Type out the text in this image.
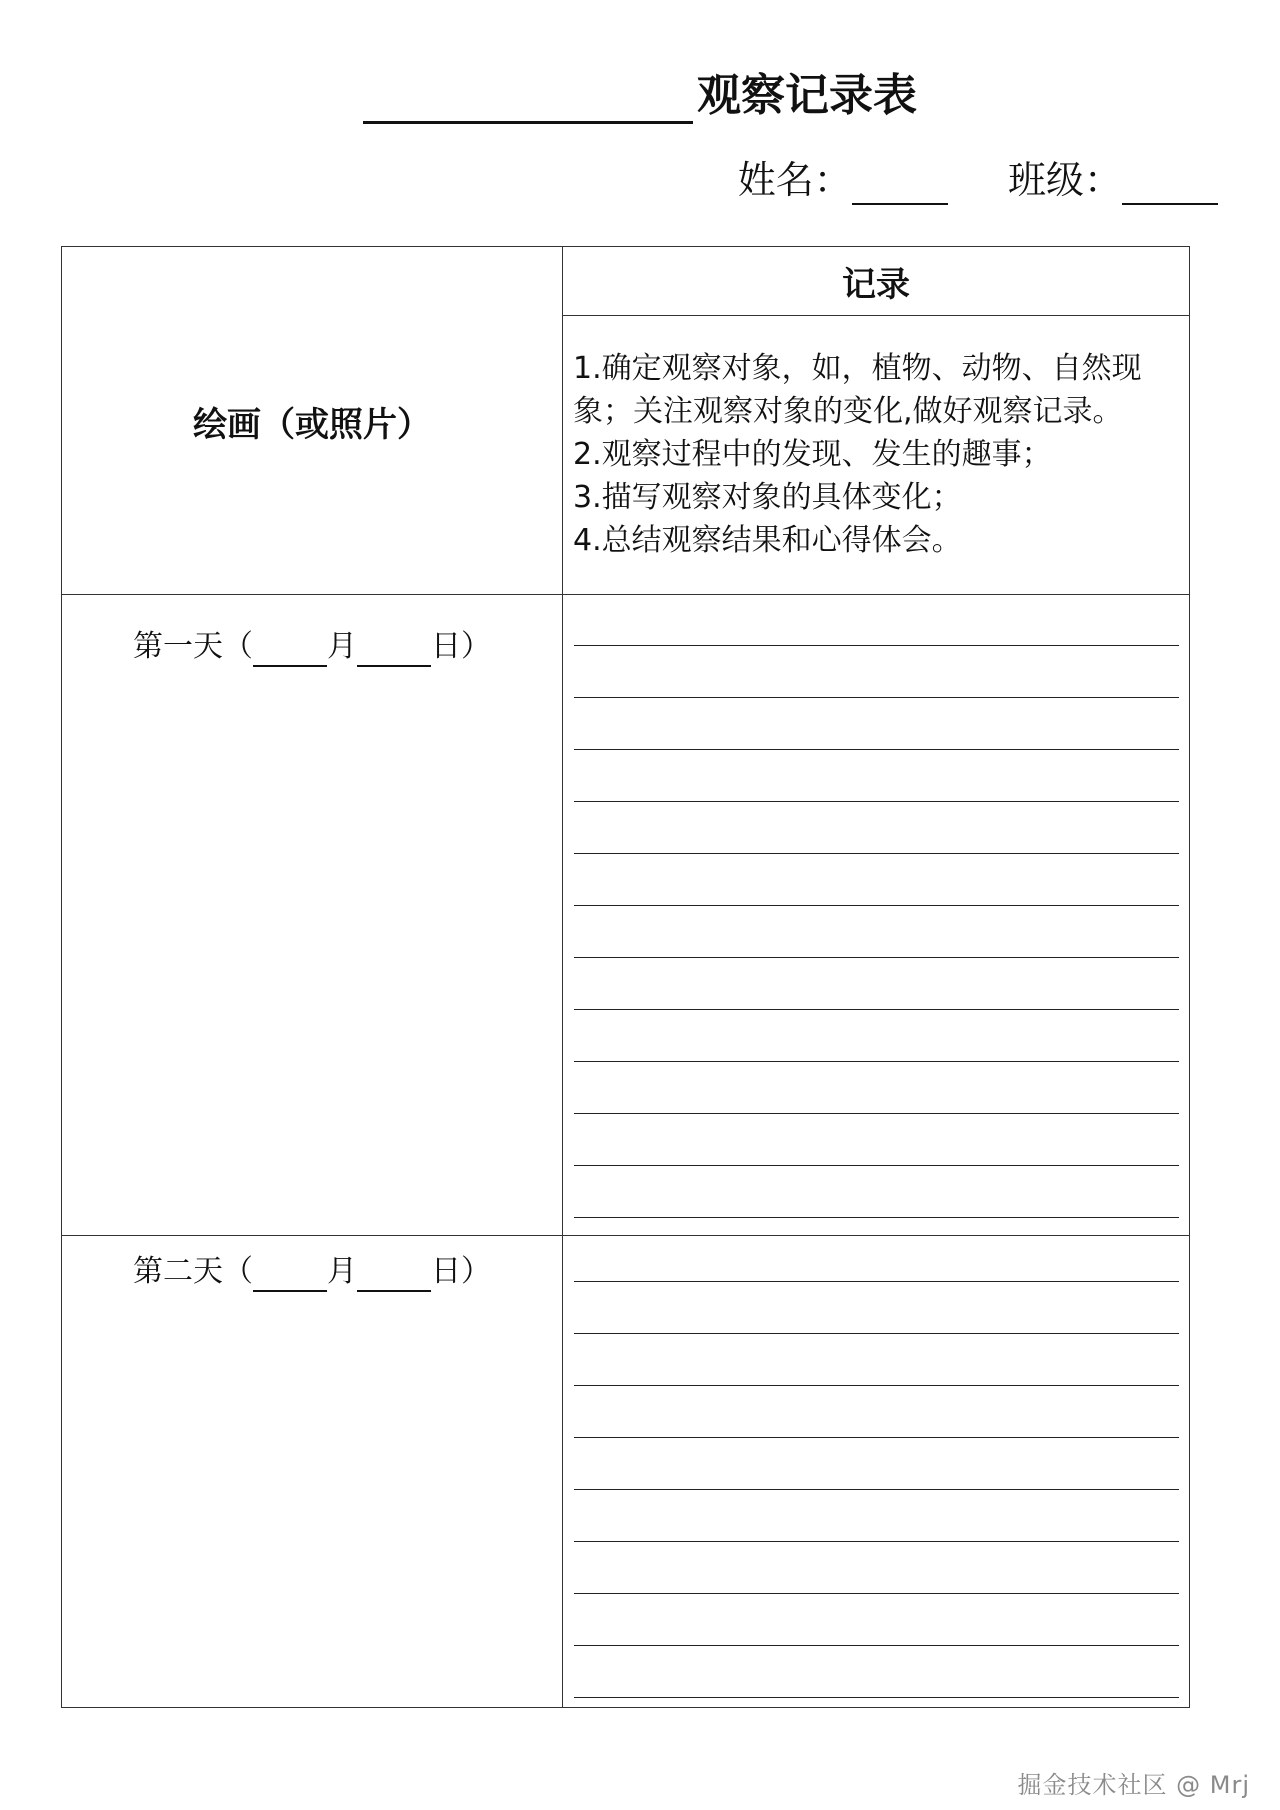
观察记录表
姓名：	班级：
记录
绘画（或照片）
1.确定观察对象，如，植物、动物、自然现
象；关注观察对象的变化,做好观察记录。
2.观察过程中的发现、发生的趣事；
3.描写观察对象的具体变化；
4.总结观察结果和心得体会。
第一天（ 月 日）
第二天（ 月 日）
掘金技术社区 @ Mrj
